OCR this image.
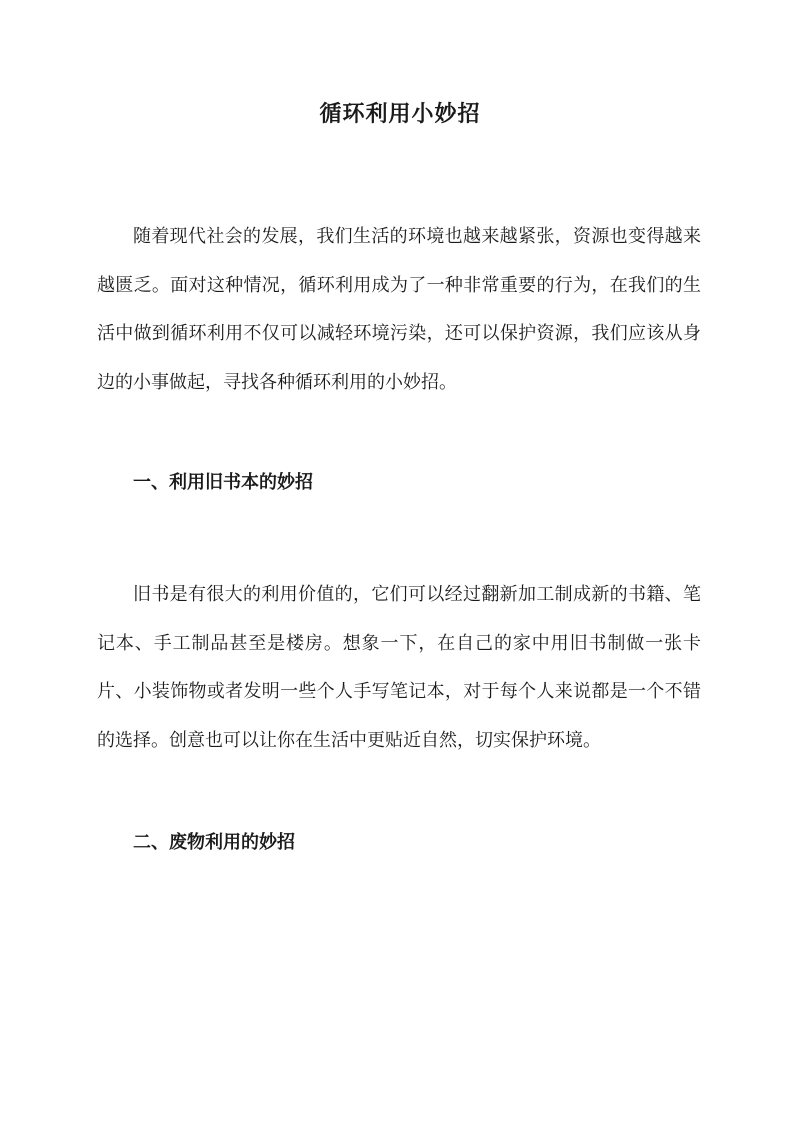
循环利用小妙招

随着现代社会的发展，我们生活的环境也越来越紧张，资源也变得越来越匮乏。面对这种情况，循环利用成为了一种非常重要的行为，在我们的生活中做到循环利用不仅可以减轻环境污染，还可以保护资源，我们应该从身边的小事做起，寻找各种循环利用的小妙招。

一、利用旧书本的妙招

旧书是有很大的利用价值的，它们可以经过翻新加工制成新的书籍、笔记本、手工制品甚至是楼房。想象一下，在自己的家中用旧书制做一张卡片、小装饰物或者发明一些个人手写笔记本，对于每个人来说都是一个不错的选择。创意也可以让你在生活中更贴近自然，切实保护环境。

二、废物利用的妙招
